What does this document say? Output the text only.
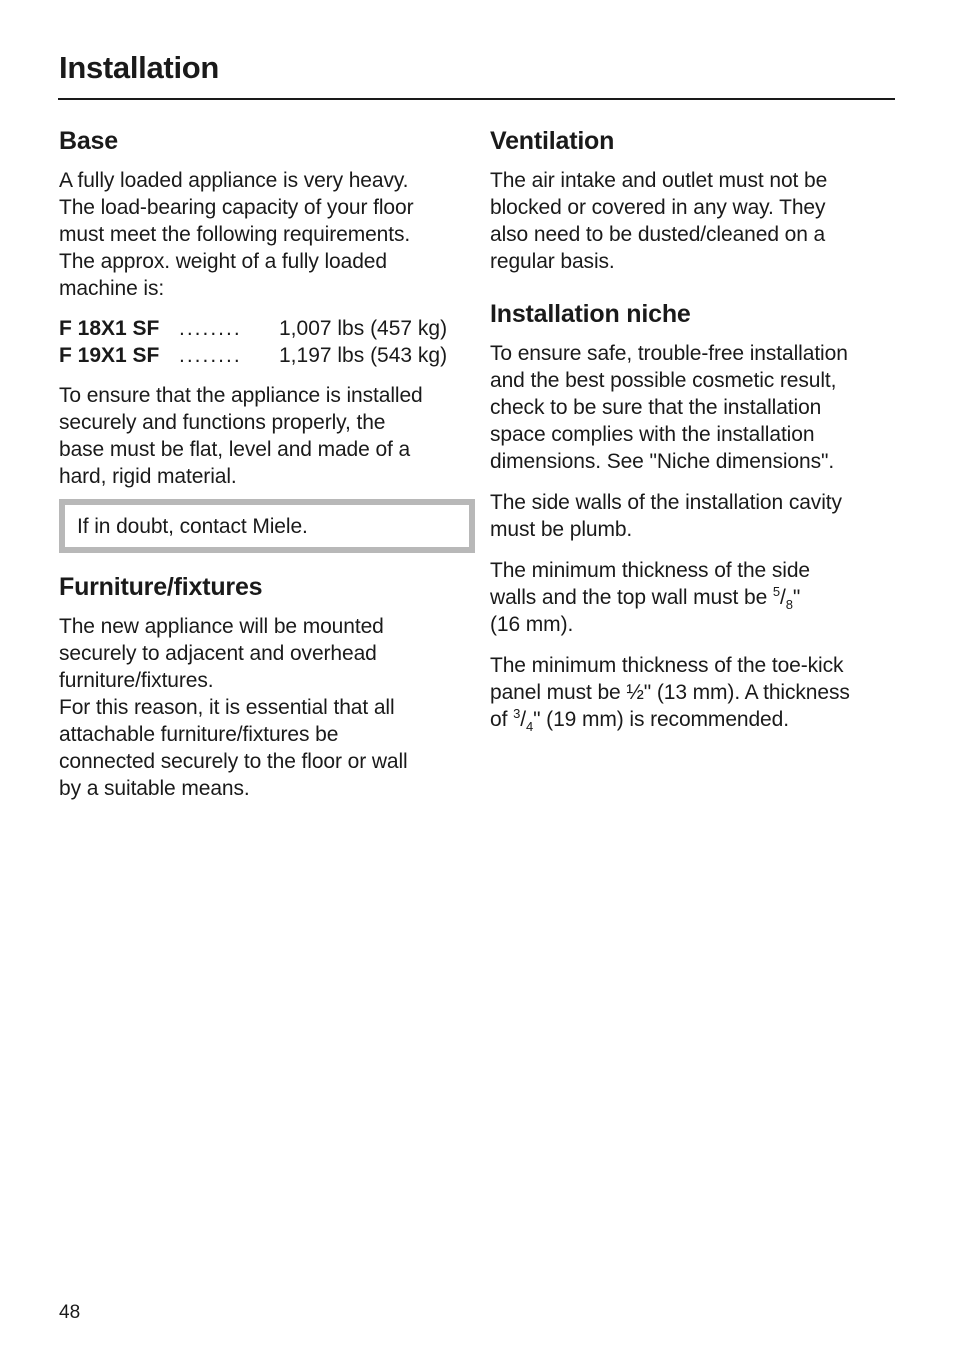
Installation
Base

A fully loaded appliance is very heavy.
The load-bearing capacity of your floor
must meet the following requirements.
The approx. weight of a fully loaded
machine is:

F 18X1 SF ........	1,007 lbs (457 kg)
F 19X1 SF ........	1,197 lbs (543 kg)

To ensure that the appliance is installed
securely and functions properly, the
base must be flat, level and made of a
hard, rigid material.

If in doubt, contact Miele.

Furniture/fixtures

The new appliance will be mounted
securely to adjacent and overhead
furniture/fixtures.
For this reason, it is essential that all
attachable furniture/fixtures be
connected securely to the floor or wall
by a suitable means.

Ventilation

The air intake and outlet must not be
blocked or covered in any way. They
also need to be dusted/cleaned on a
regular basis.

Installation niche

To ensure safe, trouble-free installation
and the best possible cosmetic result,
check to be sure that the installation
space complies with the installation
dimensions. See "Niche dimensions".

The side walls of the installation cavity
must be plumb.

The minimum thickness of the side
walls and the top wall must be $^5/_8$"
(16 mm).

The minimum thickness of the toe-kick
panel must be ½" (13 mm). A thickness
of $^3/_4$" (19 mm) is recommended.

48
